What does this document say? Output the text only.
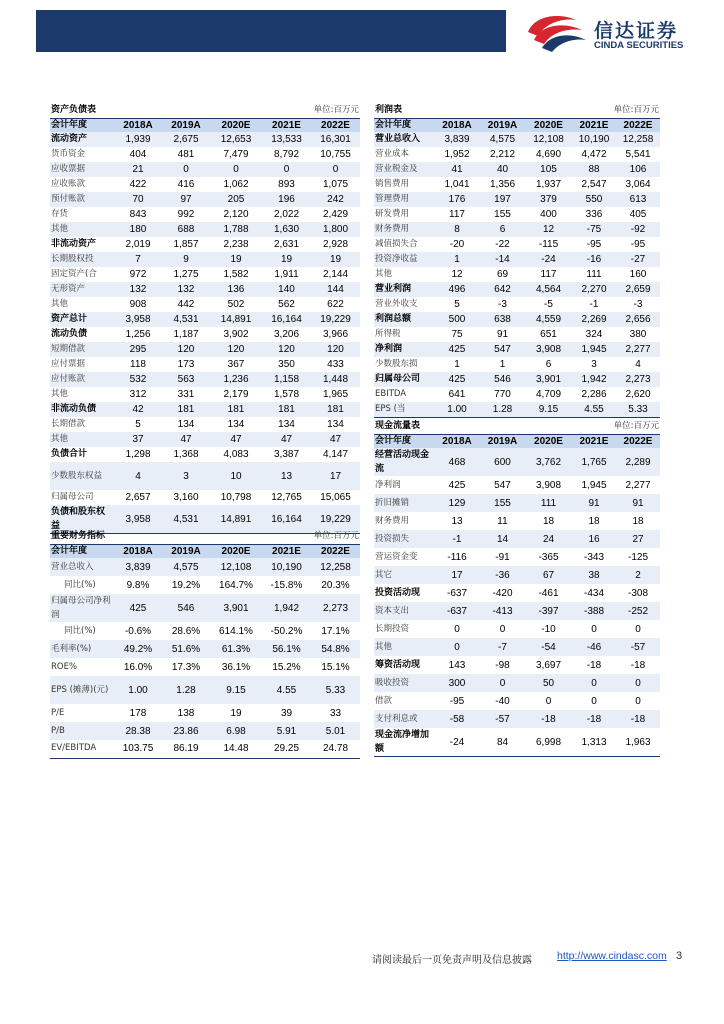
信达证券
CINDA SECURITIES
资产负债表			单位:百万元		
会计年度	2018A	2019A	2020E	2021E	2022E
流动资产	1,939	2,675	12,653	13,533	16,301
货币资金	404	481	7,479	8,792	10,755
应收票据	21	0	0	0	0
应收账款	422	416	1,062	893	1,075
预付账款	70	97	205	196	242
存货	843	992	2,120	2,022	2,429
其他	180	688	1,788	1,630	1,800
非流动资产	2,019	1,857	2,238	2,631	2,928
长期股权投	7	9	19	19	19
固定资产(合	972	1,275	1,582	1,911	2,144
无形资产	132	132	136	140	144
其他	908	442	502	562	622
资产总计	3,958	4,531	14,891	16,164	19,229
流动负债	1,256	1,187	3,902	3,206	3,966
短期借款	295	120	120	120	120
应付票据	118	173	367	350	433
应付账款	532	563	1,236	1,158	1,448
其他	312	331	2,179	1,578	1,965
非流动负债	42	181	181	181	181
长期借款	5	134	134	134	134
其他	37	47	47	47	47
负债合计	1,298	1,368	4,083	3,387	4,147
少数股东权益	4	3	10	13	17
归属母公司	2,657	3,160	10,798	12,765	15,065
负债和股东权益	3,958	4,531	14,891	16,164	19,229
重要财务指标			单位:百万元		
会计年度	2018A	2019A	2020E	2021E	2022E
营业总收入	3,839	4,575	12,108	10,190	12,258
同比(%)	9.8%	19.2%	164.7%	-15.8%	20.3%
归属母公司净利润	425	546	3,901	1,942	2,273
同比(%)	-0.6%	28.6%	614.1%	-50.2%	17.1%
毛利率(%)	49.2%	51.6%	61.3%	56.1%	54.8%
ROE%	16.0%	17.3%	36.1%	15.2%	15.1%
EPS (摊薄)(元)	1.00	1.28	9.15	4.55	5.33
P/E	178	138	19	39	33
P/B	28.38	23.86	6.98	5.91	5.01
EV/EBITDA	103.75	86.19	14.48	29.25	24.78
利润表			单位:百万元		
会计年度	2018A	2019A	2020E	2021E	2022E
营业总收入	3,839	4,575	12,108	10,190	12,258
营业成本	1,952	2,212	4,690	4,472	5,541
营业税金及	41	40	105	88	106
销售费用	1,041	1,356	1,937	2,547	3,064
管理费用	176	197	379	550	613
研发费用	117	155	400	336	405
财务费用	8	6	12	-75	-92
减值损失合	-20	-22	-115	-95	-95
投资净收益	1	-14	-24	-16	-27
其他	12	69	117	111	160
营业利润	496	642	4,564	2,270	2,659
营业外收支	5	-3	-5	-1	-3
利润总额	500	638	4,559	2,269	2,656
所得税	75	91	651	324	380
净利润	425	547	3,908	1,945	2,277
少数股东损	1	1	6	3	4
归属母公司	425	546	3,901	1,942	2,273
EBITDA	641	770	4,709	2,286	2,620
EPS (当	1.00	1.28	9.15	4.55	5.33
现金流量表			单位:百万元		
会计年度	2018A	2019A	2020E	2021E	2022E
经营活动现金流	468	600	3,762	1,765	2,289
净利润	425	547	3,908	1,945	2,277
折旧摊销	129	155	111	91	91
财务费用	13	11	18	18	18
投资损失	-1	14	24	16	27
营运资金变	-116	-91	-365	-343	-125
其它	17	-36	67	38	2
投资活动现	-637	-420	-461	-434	-308
资本支出	-637	-413	-397	-388	-252
长期投资	0	0	-10	0	0
其他	0	-7	-54	-46	-57
筹资活动现	143	-98	3,697	-18	-18
吸收投资	300	0	50	0	0
借款	-95	-40	0	0	0
支付利息或	-58	-57	-18	-18	-18
现金流净增加额	-24	84	6,998	1,313	1,963
请阅读最后一页免责声明及信息披露 http://www.cindasc.com 3
